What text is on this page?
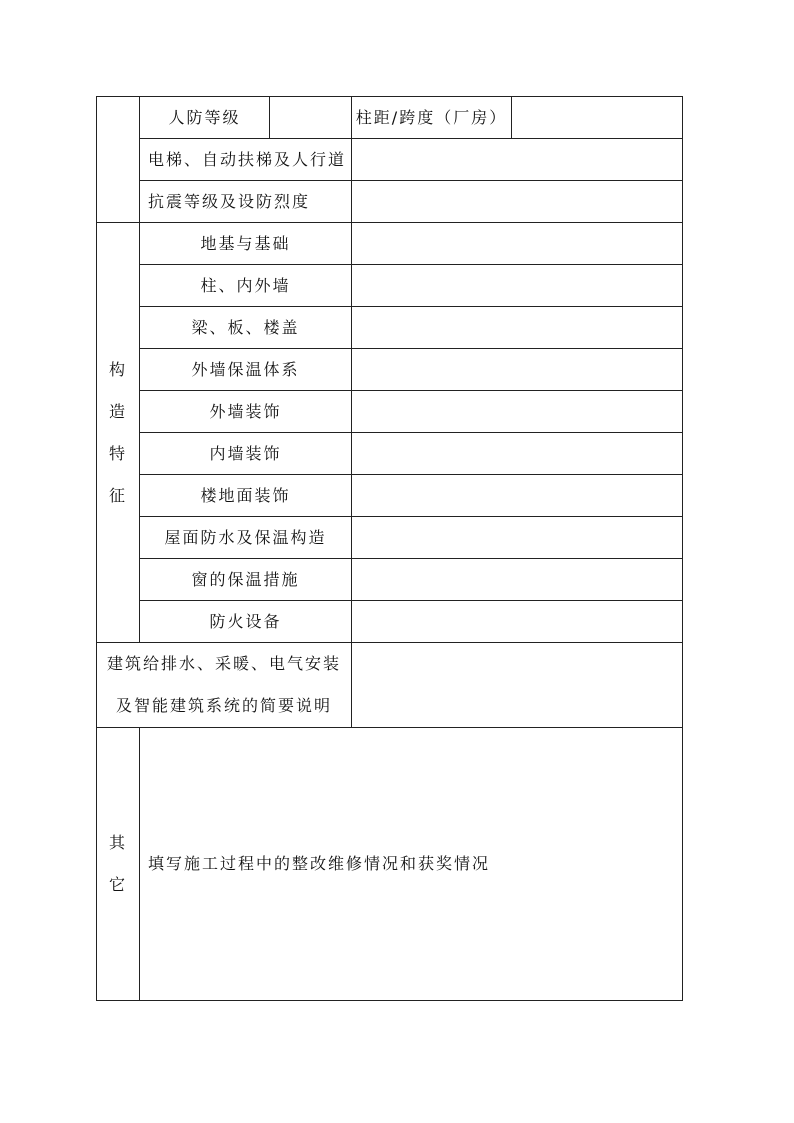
	人防等级		柱距/跨度（厂房）	
	电梯、自动扶梯及人行道			
	抗震等级及设防烈度			

构
造
特
征	地基与基础			
	柱、内外墙			
	梁、板、楼盖			
	外墙保温体系			
	外墙装饰			
	内墙装饰			
	楼地面装饰			
	屋面防水及保温构造			
	窗的保温措施			
	防火设备			

建筑给排水、采暖、电气安装
及智能建筑系统的简要说明				

其
它	填写施工过程中的整改维修情况和获奖情况			
